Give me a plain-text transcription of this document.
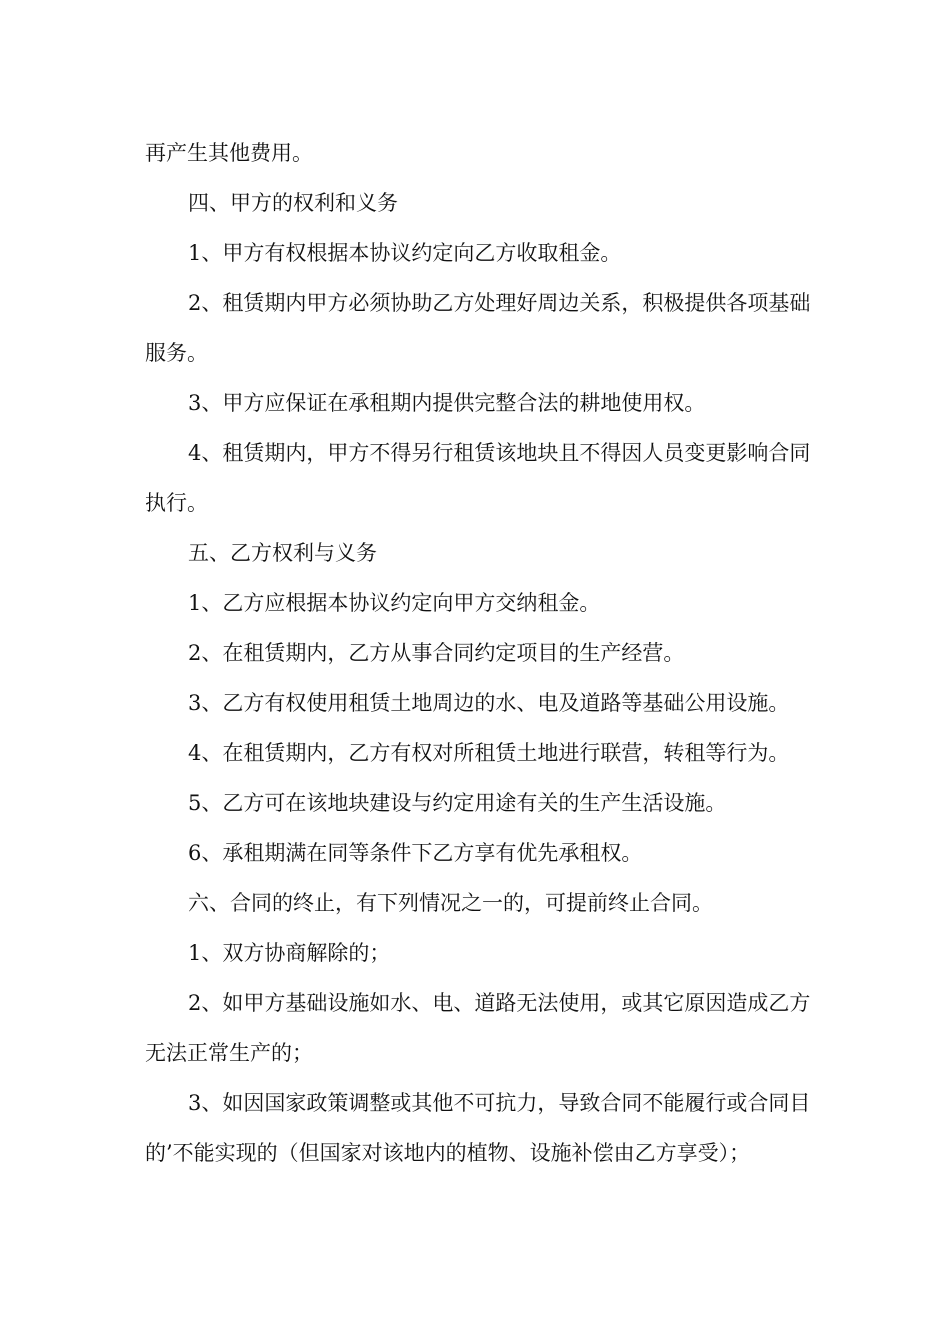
再产生其他费用。

四、甲方的权利和义务

1、甲方有权根据本协议约定向乙方收取租金。

2、租赁期内甲方必须协助乙方处理好周边关系，积极提供各项基础服务。

3、甲方应保证在承租期内提供完整合法的耕地使用权。

4、租赁期内，甲方不得另行租赁该地块且不得因人员变更影响合同执行。

五、乙方权利与义务

1、乙方应根据本协议约定向甲方交纳租金。

2、在租赁期内，乙方从事合同约定项目的生产经营。

3、乙方有权使用租赁土地周边的水、电及道路等基础公用设施。

4、在租赁期内，乙方有权对所租赁土地进行联营，转租等行为。

5、乙方可在该地块建设与约定用途有关的生产生活设施。

6、承租期满在同等条件下乙方享有优先承租权。

六、合同的终止，有下列情况之一的，可提前终止合同。

1、双方协商解除的；

2、如甲方基础设施如水、电、道路无法使用，或其它原因造成乙方无法正常生产的；

3、如因国家政策调整或其他不可抗力，导致合同不能履行或合同目的’不能实现的（但国家对该地内的植物、设施补偿由乙方享受）；
